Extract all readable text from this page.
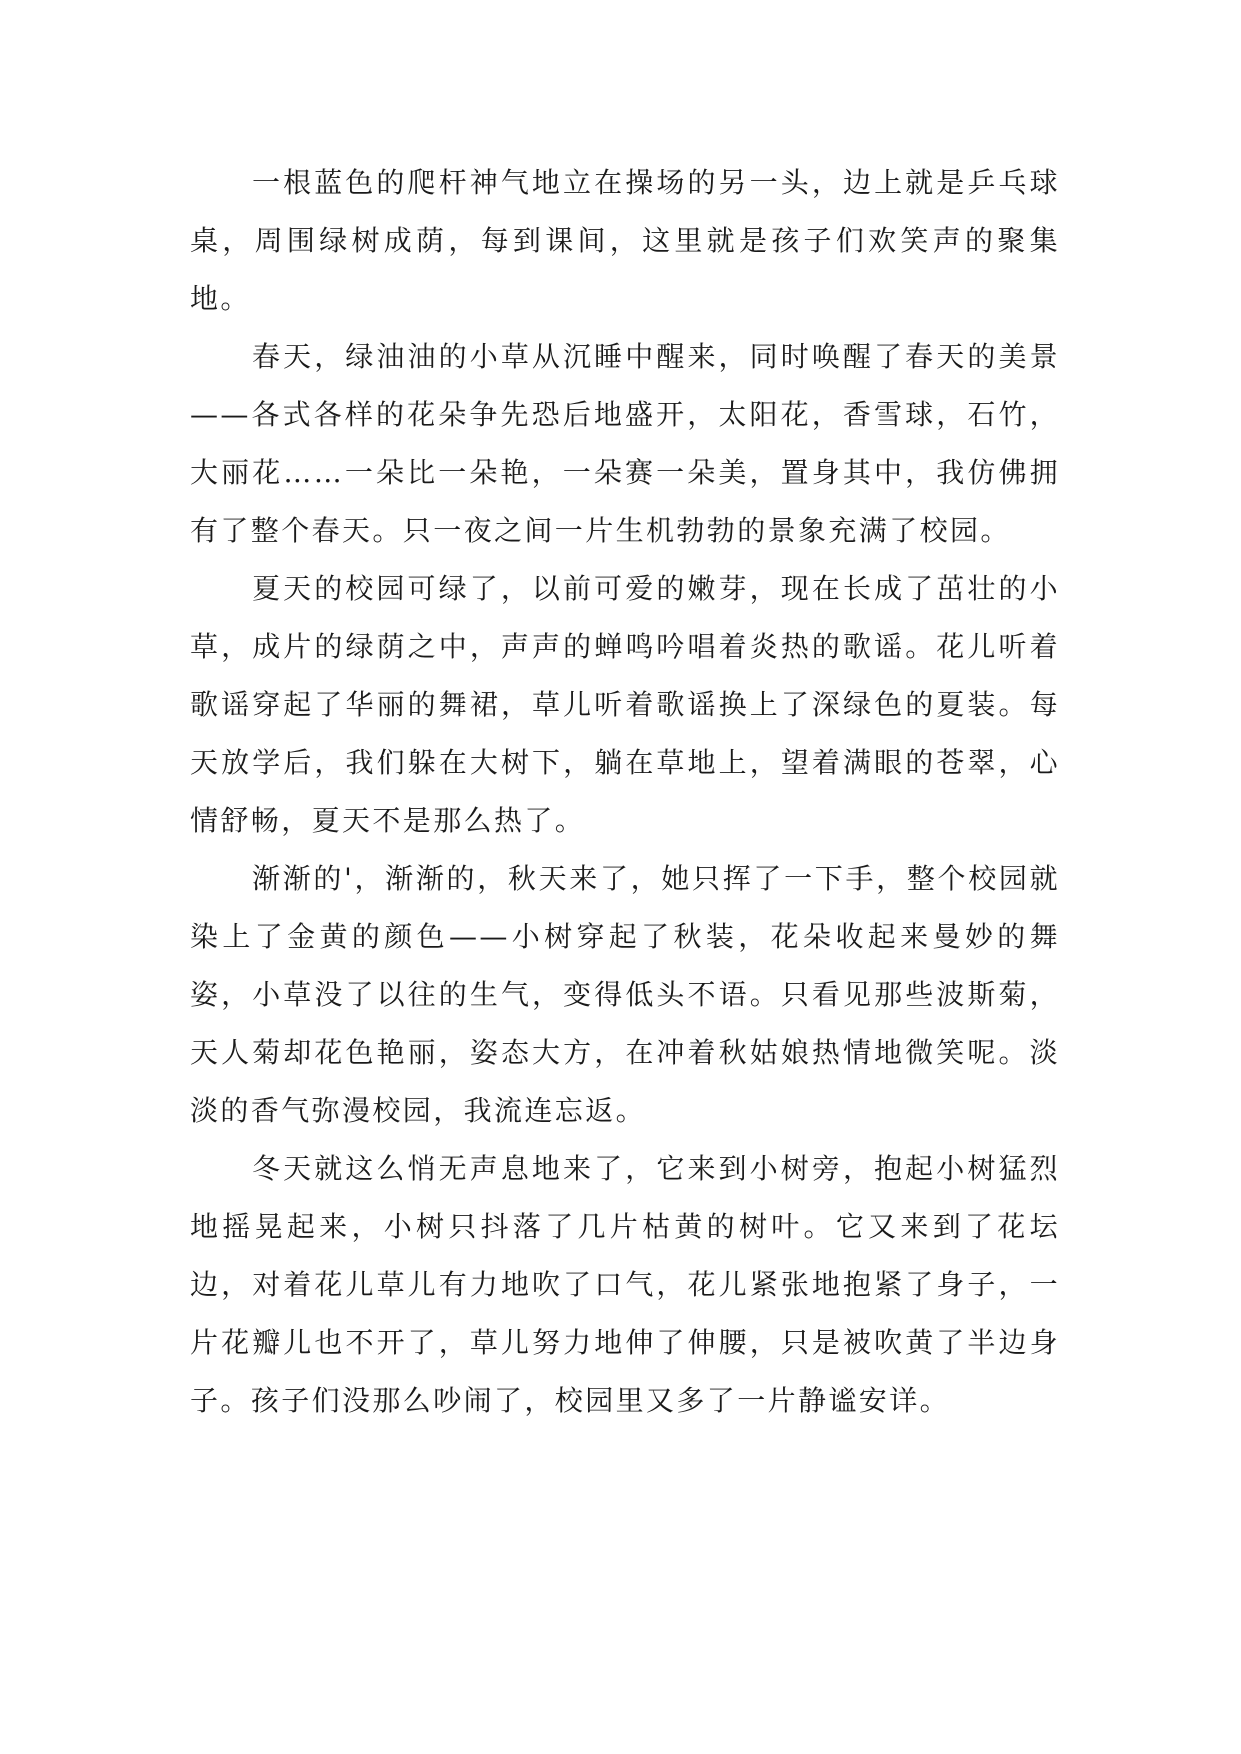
一根蓝色的爬杆神气地立在操场的另一头，边上就是乒乓球桌，周围绿树成荫，每到课间，这里就是孩子们欢笑声的聚集地。

春天，绿油油的小草从沉睡中醒来，同时唤醒了春天的美景——各式各样的花朵争先恐后地盛开，太阳花，香雪球，石竹，大丽花……一朵比一朵艳，一朵赛一朵美，置身其中，我仿佛拥有了整个春天。只一夜之间一片生机勃勃的景象充满了校园。

夏天的校园可绿了，以前可爱的嫩芽，现在长成了茁壮的小草，成片的绿荫之中，声声的蝉鸣吟唱着炎热的歌谣。花儿听着歌谣穿起了华丽的舞裙，草儿听着歌谣换上了深绿色的夏装。每天放学后，我们躲在大树下，躺在草地上，望着满眼的苍翠，心情舒畅，夏天不是那么热了。

渐渐的'，渐渐的，秋天来了，她只挥了一下手，整个校园就染上了金黄的颜色——小树穿起了秋装，花朵收起来曼妙的舞姿，小草没了以往的生气，变得低头不语。只看见那些波斯菊，天人菊却花色艳丽，姿态大方，在冲着秋姑娘热情地微笑呢。淡淡的香气弥漫校园，我流连忘返。

冬天就这么悄无声息地来了，它来到小树旁，抱起小树猛烈地摇晃起来，小树只抖落了几片枯黄的树叶。它又来到了花坛边，对着花儿草儿有力地吹了口气，花儿紧张地抱紧了身子，一片花瓣儿也不开了，草儿努力地伸了伸腰，只是被吹黄了半边身子。孩子们没那么吵闹了，校园里又多了一片静谧安详。
